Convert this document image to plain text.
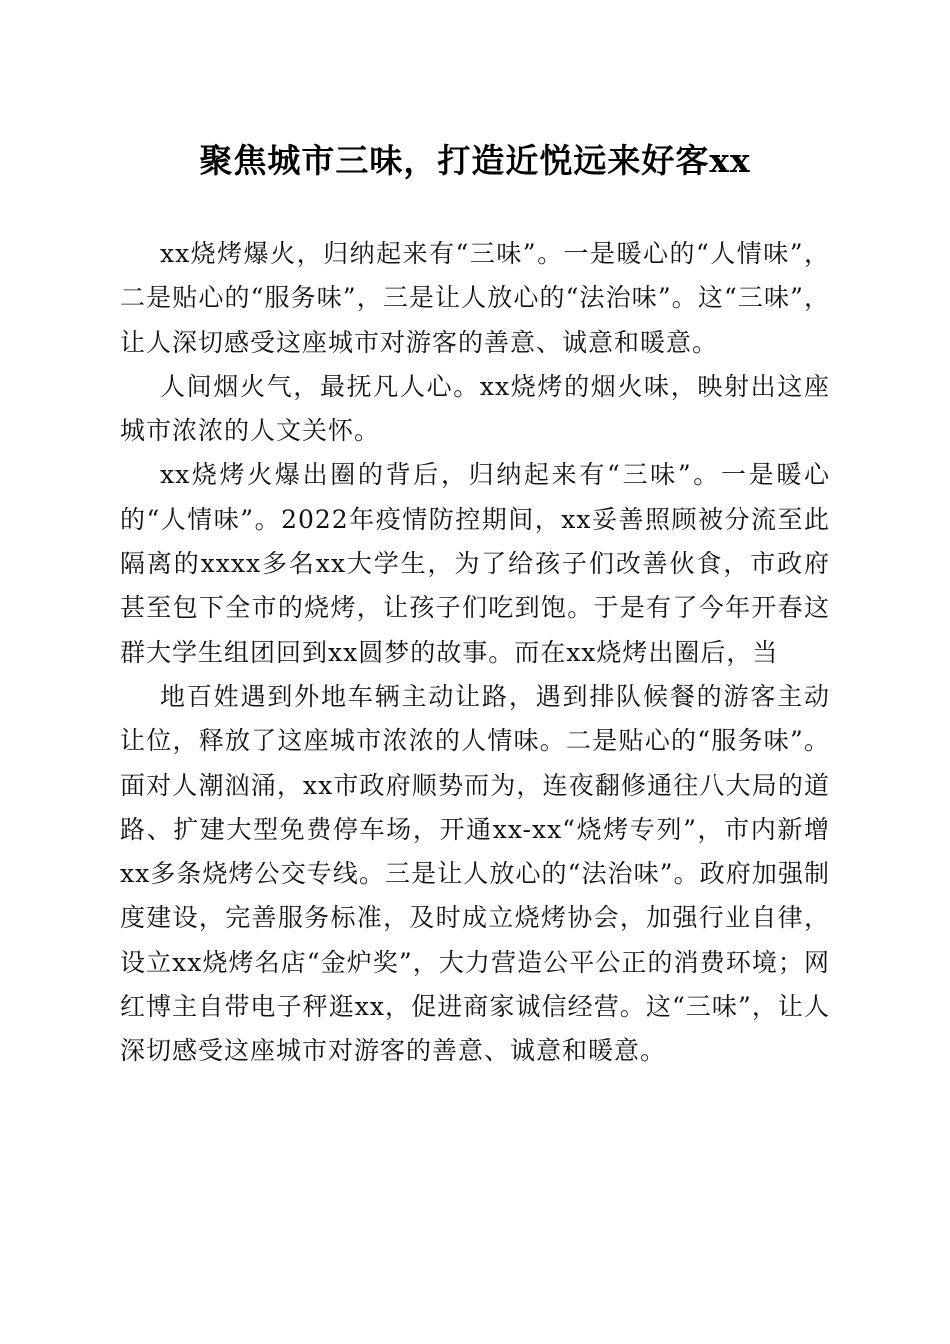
聚焦城市三味，打造近悦远来好客xx

xx烧烤爆火，归纳起来有“三味”。一是暖心的“人情味”，二是贴心的“服务味”，三是让人放心的“法治味”。这“三味”，让人深切感受这座城市对游客的善意、诚意和暖意。

人间烟火气，最抚凡人心。xx烧烤的烟火味，映射出这座城市浓浓的人文关怀。

xx烧烤火爆出圈的背后，归纳起来有“三味”。一是暖心的“人情味”。2022年疫情防控期间，xx妥善照顾被分流至此隔离的xxxx多名xx大学生，为了给孩子们改善伙食，市政府甚至包下全市的烧烤，让孩子们吃到饱。于是有了今年开春这群大学生组团回到xx圆梦的故事。而在xx烧烤出圈后，当

地百姓遇到外地车辆主动让路，遇到排队候餐的游客主动让位，释放了这座城市浓浓的人情味。二是贴心的“服务味”。面对人潮汹涌，xx市政府顺势而为，连夜翻修通往八大局的道路、扩建大型免费停车场，开通xx-xx“烧烤专列”，市内新增xx多条烧烤公交专线。三是让人放心的“法治味”。政府加强制度建设，完善服务标准，及时成立烧烤协会，加强行业自律，设立xx烧烤名店“金炉奖”，大力营造公平公正的消费环境；网红博主自带电子秤逛xx，促进商家诚信经营。这“三味”，让人深切感受这座城市对游客的善意、诚意和暖意。
